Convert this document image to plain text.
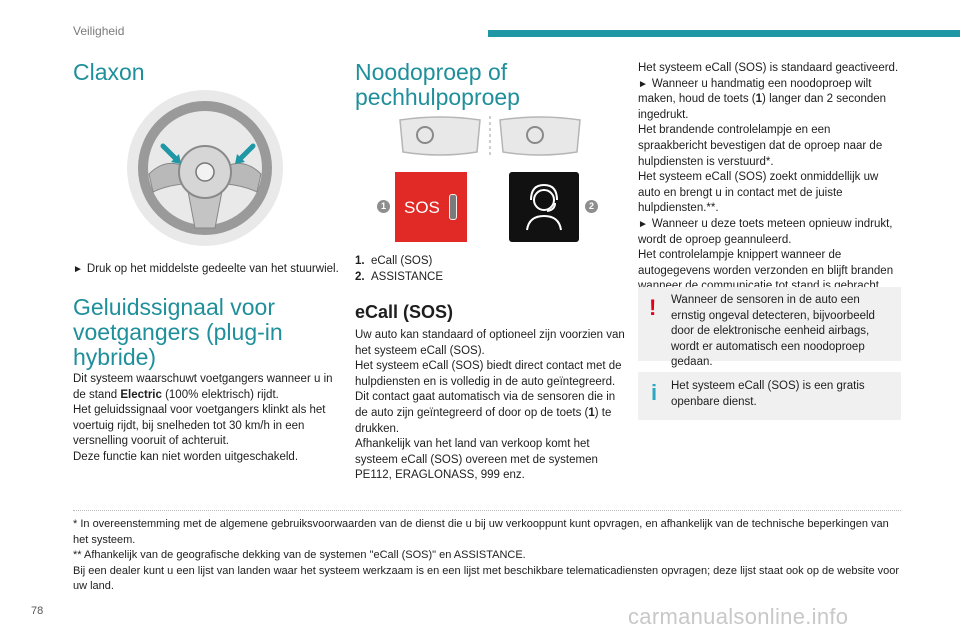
Veiligheid
Claxon
► Druk op het middelste gedeelte van het stuurwiel.
Geluidssignaal voor voetgangers (plug-in hybride)

Dit systeem waarschuwt voetgangers wanneer u in de stand Electric (100% elektrisch) rijdt.

Het geluidssignaal voor voetgangers klinkt als het voertuig rijdt, bij snelheden tot 30 km/h in een versnelling vooruit of achteruit.

Deze functie kan niet worden uitgeschakeld.

Noodoproep of pechhulpoproep
SOS
1	2

1. eCall (SOS)

2. ASSISTANCE

eCall (SOS)

Uw auto kan standaard of optioneel zijn voorzien van het systeem eCall (SOS).

Het systeem eCall (SOS) biedt direct contact met de hulpdiensten en is volledig in de auto geïntegreerd. Dit contact gaat automatisch via de sensoren die in de auto zijn geïntegreerd of door op de toets (1) te drukken.

Afhankelijk van het land van verkoop komt het systeem eCall (SOS) overeen met de systemen PE112, ERAGLONASS, 999 enz.

Het systeem eCall (SOS) is standaard geactiveerd.

► Wanneer u handmatig een noodoproep wilt maken, houd de toets (1) langer dan 2 seconden ingedrukt.

Het brandende controlelampje en een spraakbericht bevestigen dat de oproep naar de hulpdiensten is verstuurd*.

Het systeem eCall (SOS) zoekt onmiddellijk uw auto en brengt u in contact met de juiste hulpdiensten.**.

► Wanneer u deze toets meteen opnieuw indrukt, wordt de oproep geannuleerd.

Het controlelampje knippert wanneer de autogegevens worden verzonden en blijft branden

! Wanneer de sensoren in de auto een ernstig ongeval detecteren, bijvoorbeeld door de elektronische eenheid airbags, wordt er automatisch een noodoproep gedaan.
i Het systeem eCall (SOS) is een gratis openbare dienst.

* In overeenstemming met de algemene gebruiksvoorwaarden van de dienst die u bij uw verkooppunt kunt opvragen, en afhankelijk van de technische beperkingen van het systeem.

** Afhankelijk van de geografische dekking van de systemen "eCall (SOS)" en ASSISTANCE.

Bij een dealer kunt u een lijst van landen waar het systeem werkzaam is en een lijst met beschikbare telematicadiensten opvragen; deze lijst staat ook op de website voor uw land.

78	carmanualsonline.info
